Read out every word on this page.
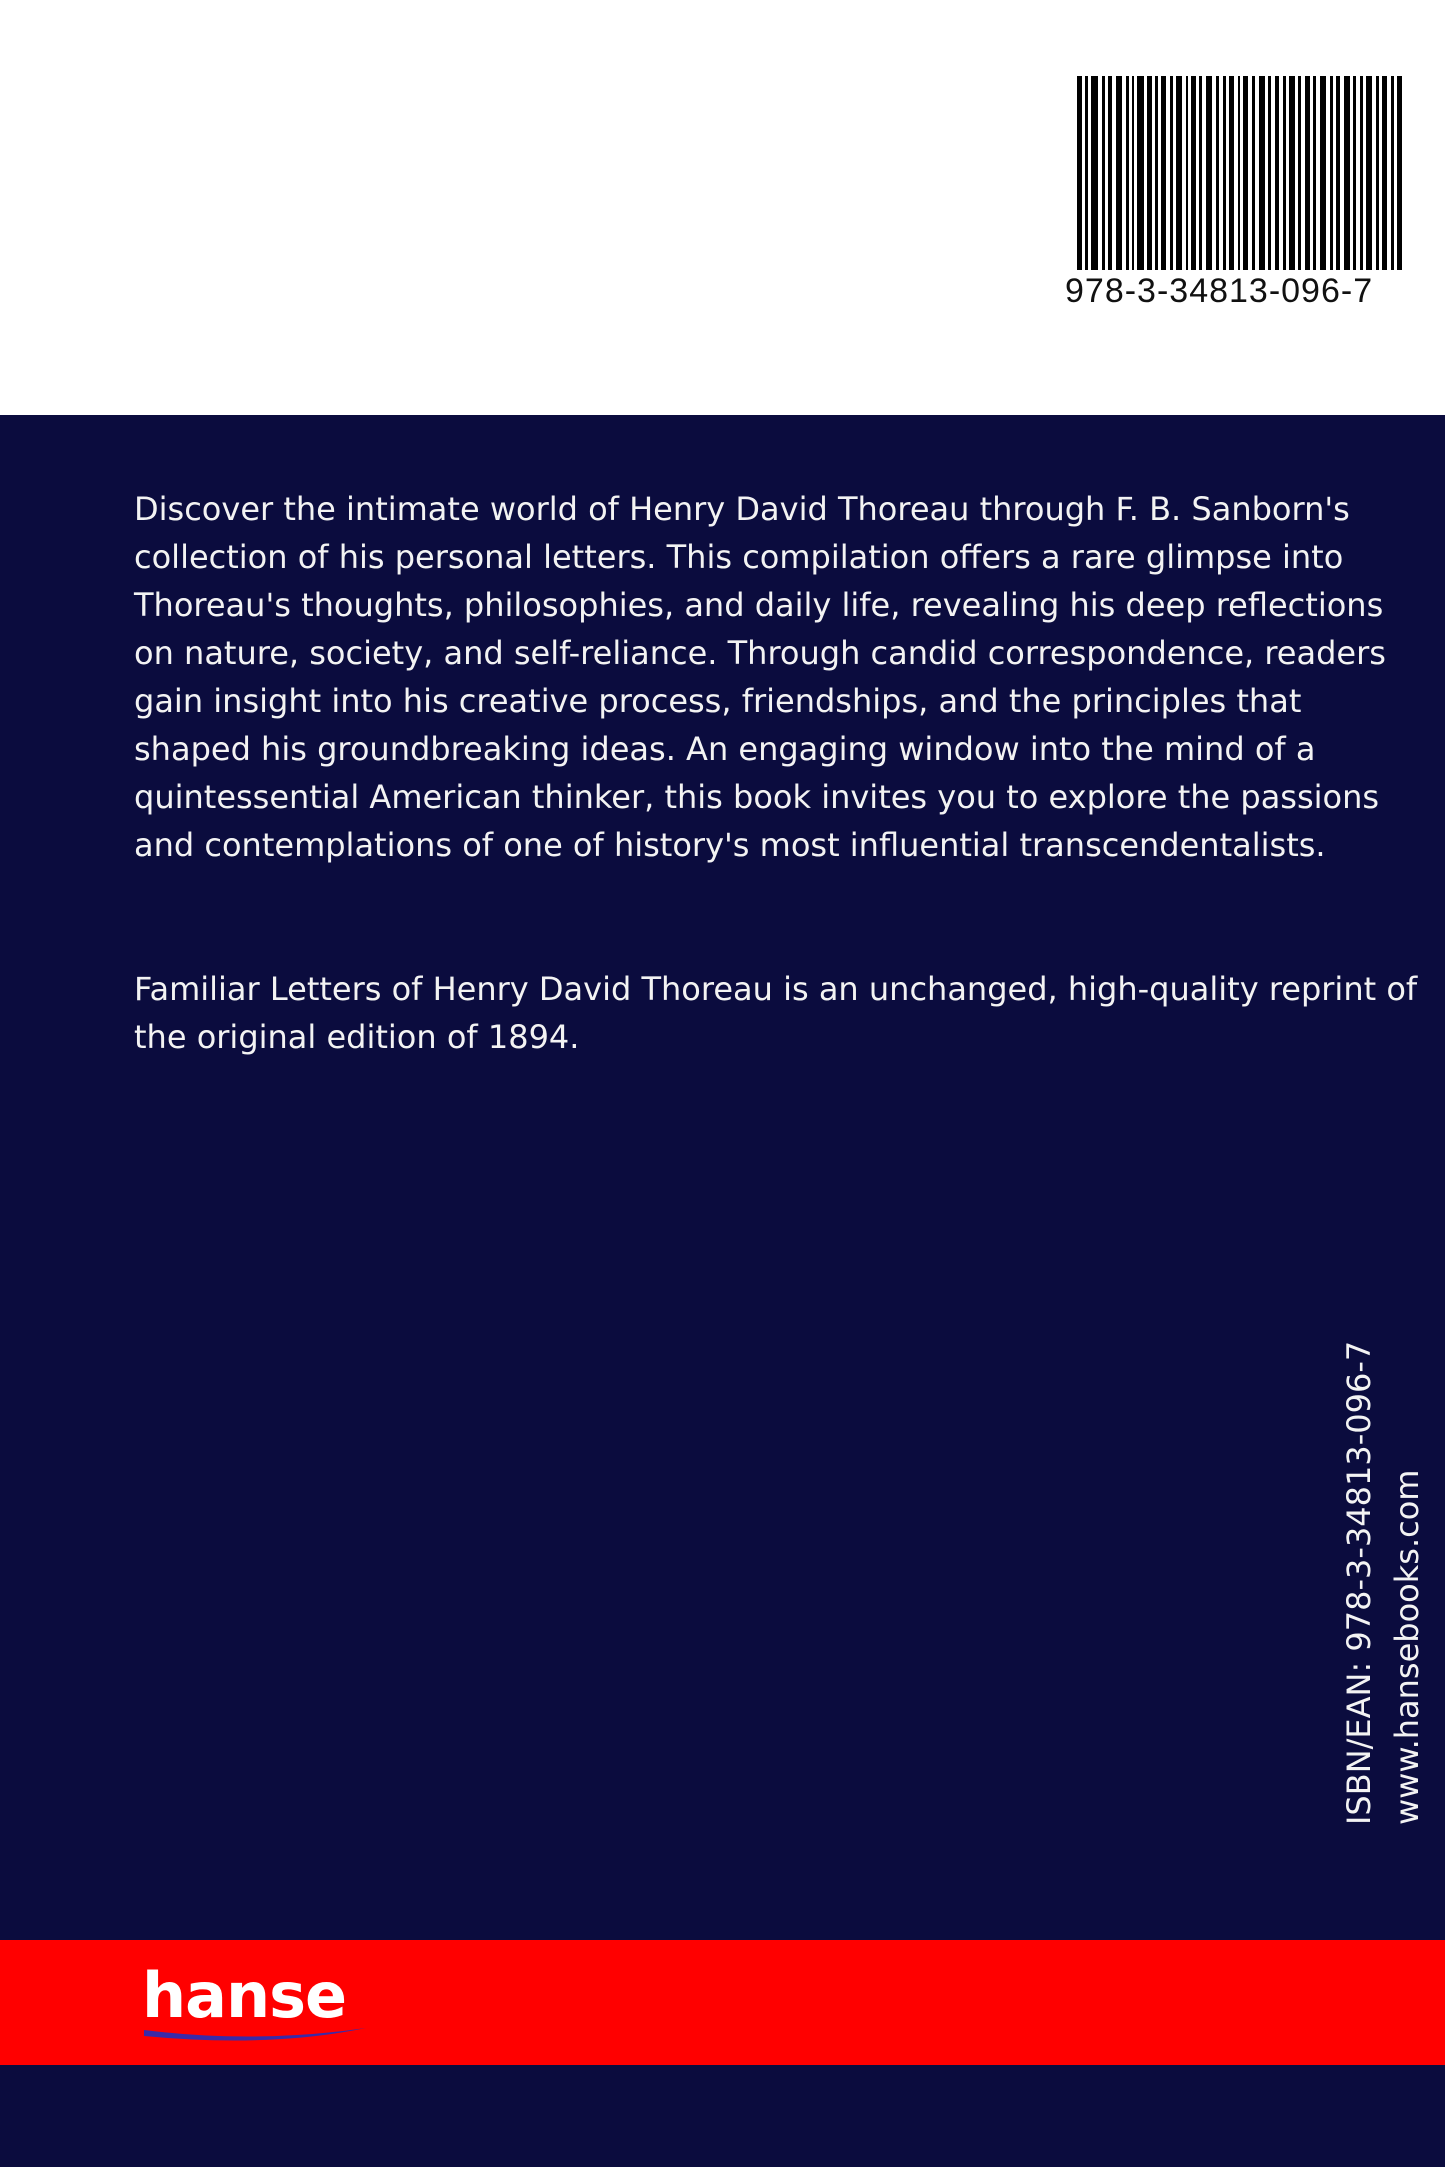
978-3-34813-096-7

Discover the intimate world of Henry David Thoreau through F. B. Sanborn's collection of his personal letters. This compilation offers a rare glimpse into Thoreau's thoughts, philosophies, and daily life, revealing his deep reflections on nature, society, and self-reliance. Through candid correspondence, readers gain insight into his creative process, friendships, and the principles that shaped his groundbreaking ideas. An engaging window into the mind of a quintessential American thinker, this book invites you to explore the passions and contemplations of one of history's most influential transcendentalists.

Familiar Letters of Henry David Thoreau is an unchanged, high-quality reprint of the original edition of 1894.

ISBN/EAN: 978-3-34813-096-7 www.hansebooks.com
hanse
